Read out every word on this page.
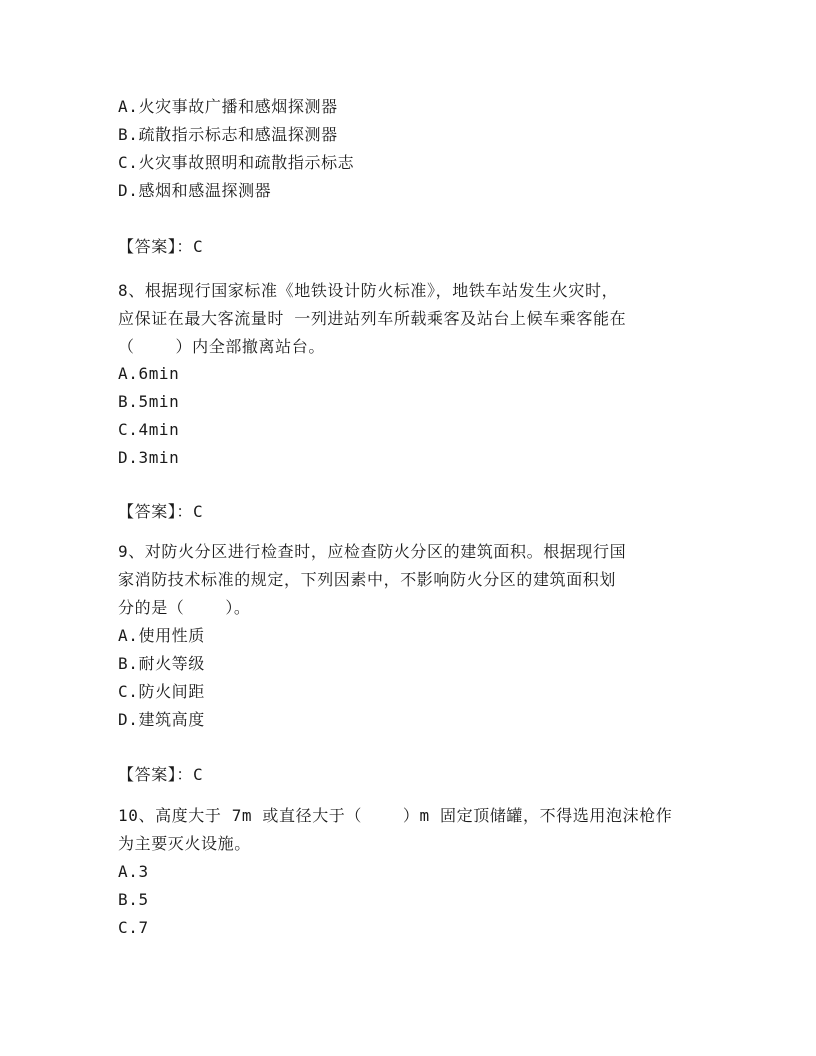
A.火灾事故广播和感烟探测器
B.疏散指示标志和感温探测器
C.火灾事故照明和疏散指示标志
D.感烟和感温探测器
【答案】：C
8、根据现行国家标准《地铁设计防火标准》，地铁车站发生火灾时，
应保证在最大客流量时 一列进站列车所载乘客及站台上候车乘客能在
（    ）内全部撤离站台。
A.6min
B.5min
C.4min
D.3min
【答案】：C
9、对防火分区进行检查时，应检查防火分区的建筑面积。根据现行国
家消防技术标准的规定，下列因素中，不影响防火分区的建筑面积划
分的是（    ）。
A.使用性质
B.耐火等级
C.防火间距
D.建筑高度
【答案】：C
10、高度大于 7m 或直径大于（    ）m 固定顶储罐，不得选用泡沫枪作
为主要灭火设施。
A.3
B.5
C.7
